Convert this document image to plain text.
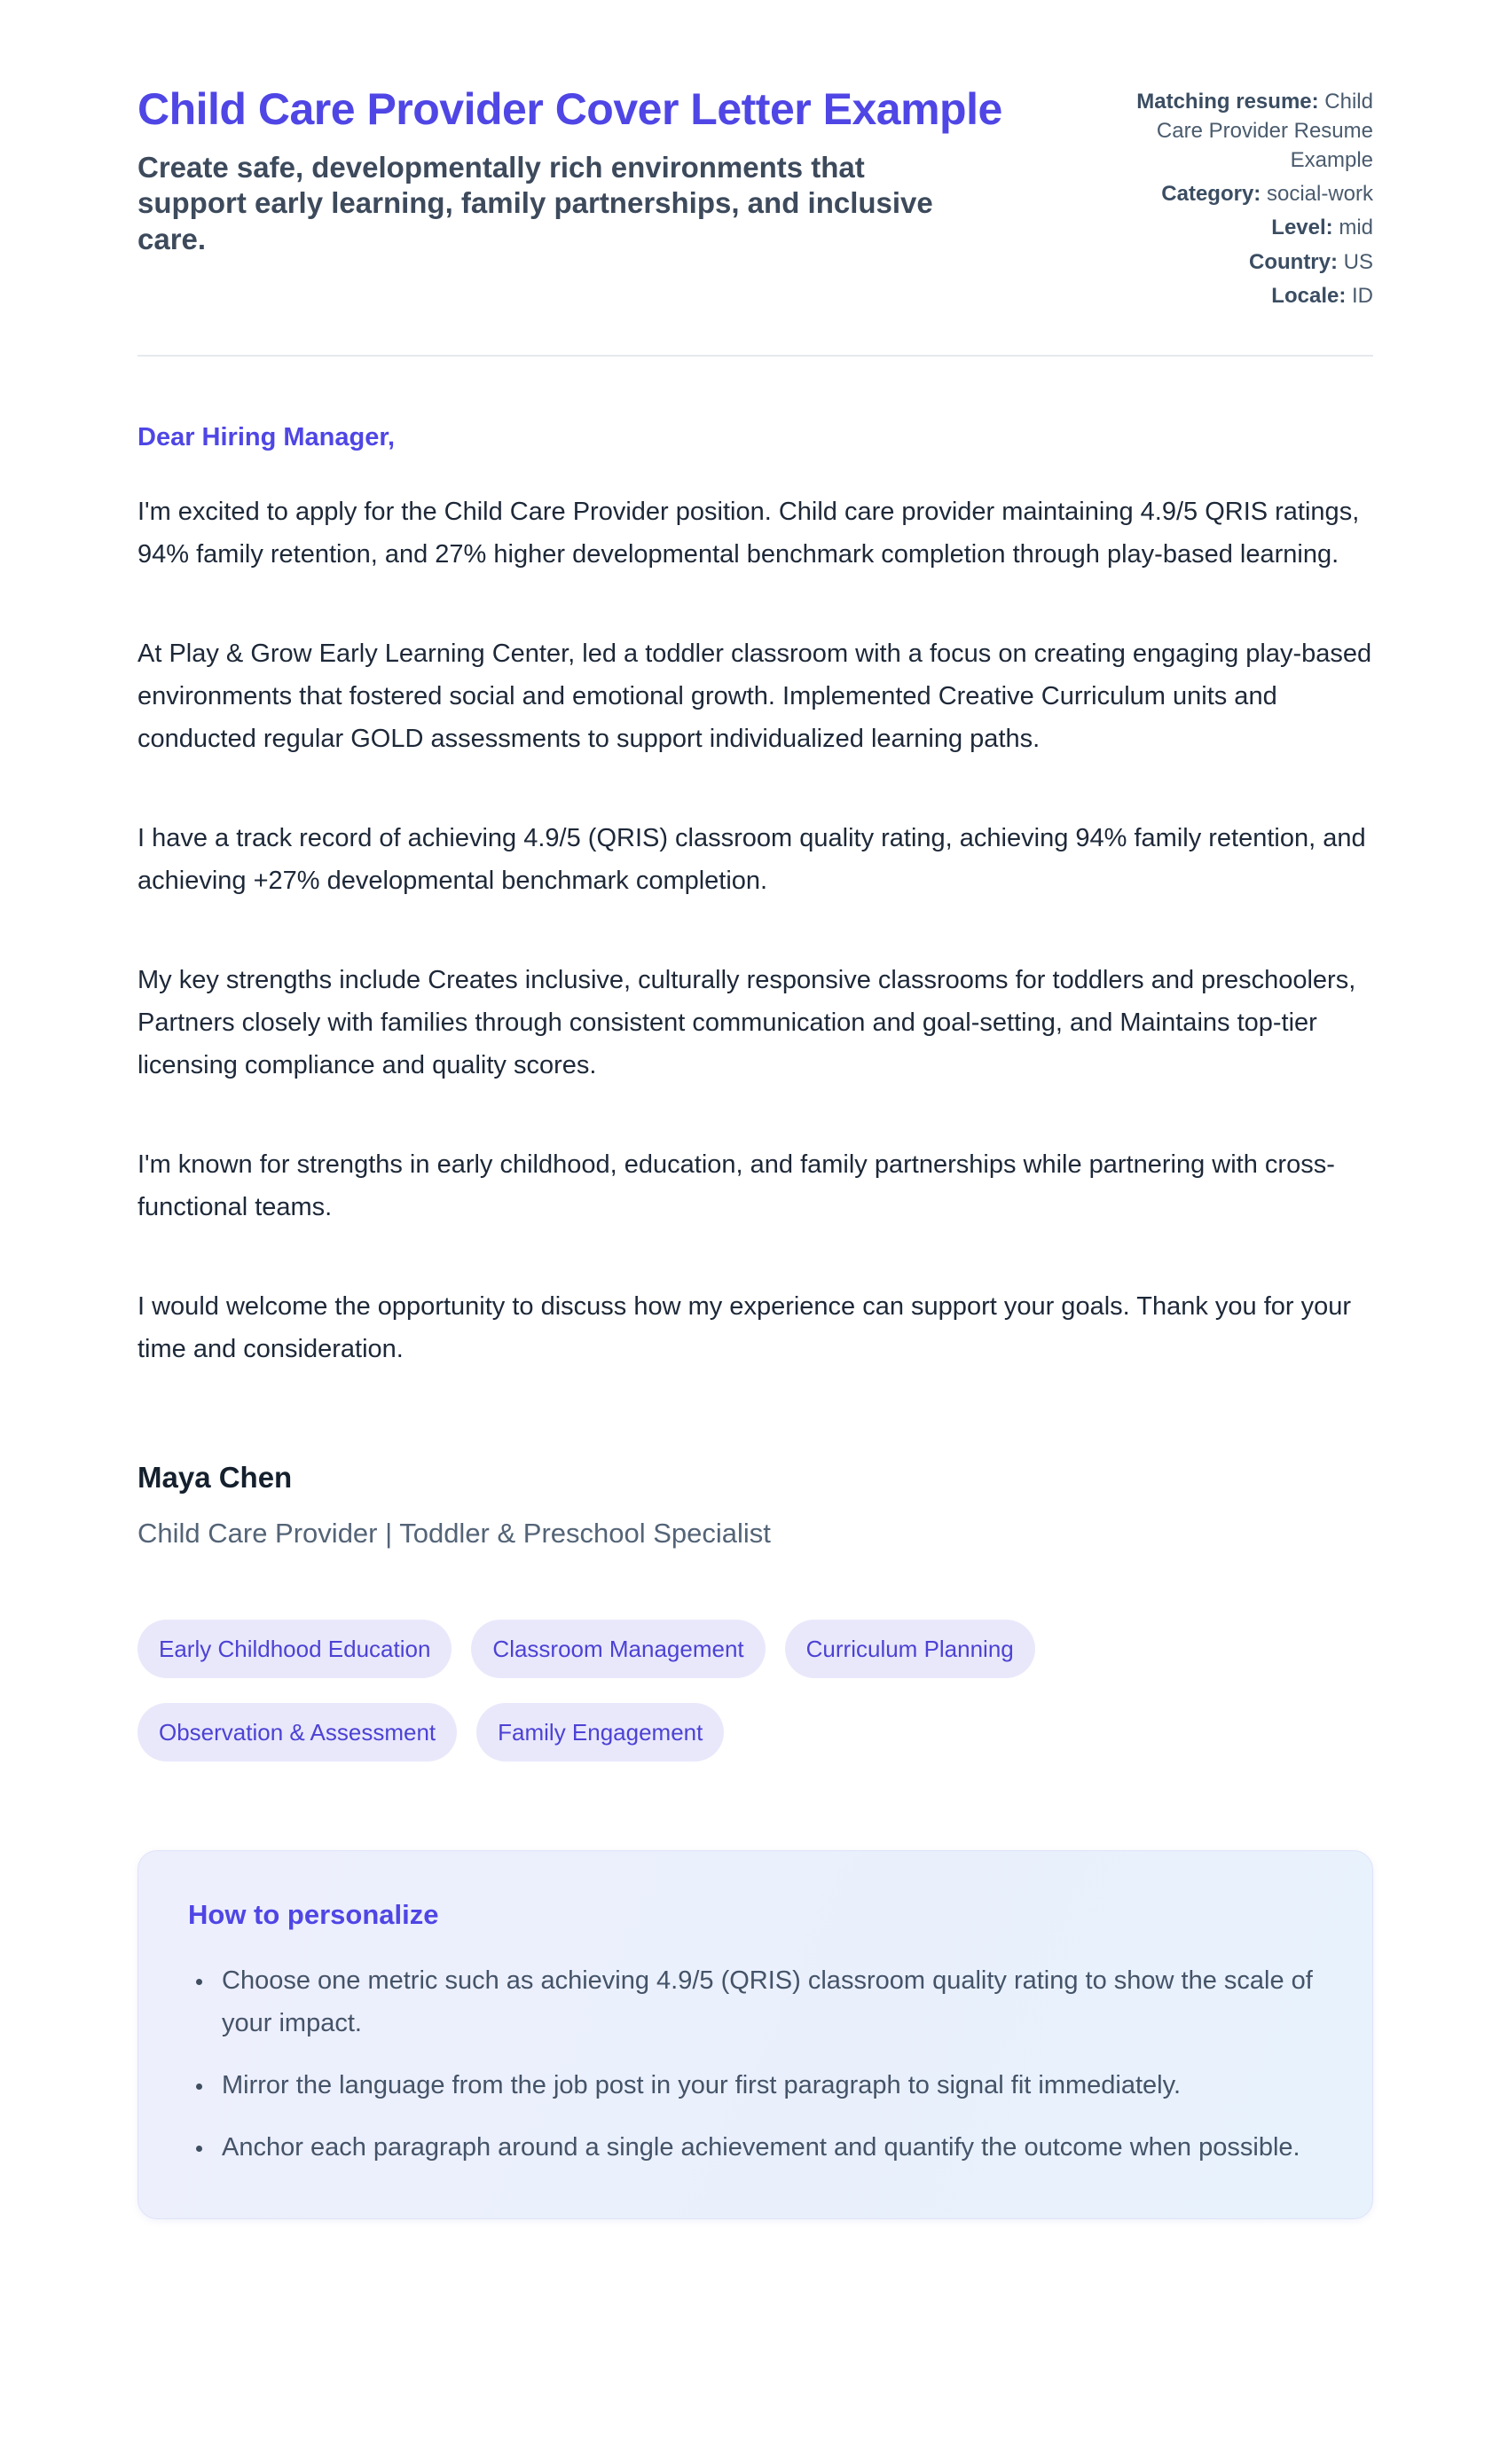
Child Care Provider Cover Letter Example

Create safe, developmentally rich environments that support early learning, family partnerships, and inclusive care.

Matching resume: Child Care Provider Resume Example
Category: social-work
Level: mid
Country: US
Locale: ID

Dear Hiring Manager,

I'm excited to apply for the Child Care Provider position. Child care provider maintaining 4.9/5 QRIS ratings, 94% family retention, and 27% higher developmental benchmark completion through play-based learning.

At Play & Grow Early Learning Center, led a toddler classroom with a focus on creating engaging play-based environments that fostered social and emotional growth. Implemented Creative Curriculum units and conducted regular GOLD assessments to support individualized learning paths.

I have a track record of achieving 4.9/5 (QRIS) classroom quality rating, achieving 94% family retention, and achieving +27% developmental benchmark completion.

My key strengths include Creates inclusive, culturally responsive classrooms for toddlers and preschoolers, Partners closely with families through consistent communication and goal-setting, and Maintains top-tier licensing compliance and quality scores.

I'm known for strengths in early childhood, education, and family partnerships while partnering with cross-functional teams.

I would welcome the opportunity to discuss how my experience can support your goals. Thank you for your time and consideration.

Maya Chen

Child Care Provider | Toddler & Preschool Specialist

Early Childhood Education	Classroom Management	Curriculum Planning
Observation & Assessment	Family Engagement
How to personalize
• Choose one metric such as achieving 4.9/5 (QRIS) classroom quality rating to show the scale of your impact.
• Mirror the language from the job post in your first paragraph to signal fit immediately.
• Anchor each paragraph around a single achievement and quantify the outcome when possible.
